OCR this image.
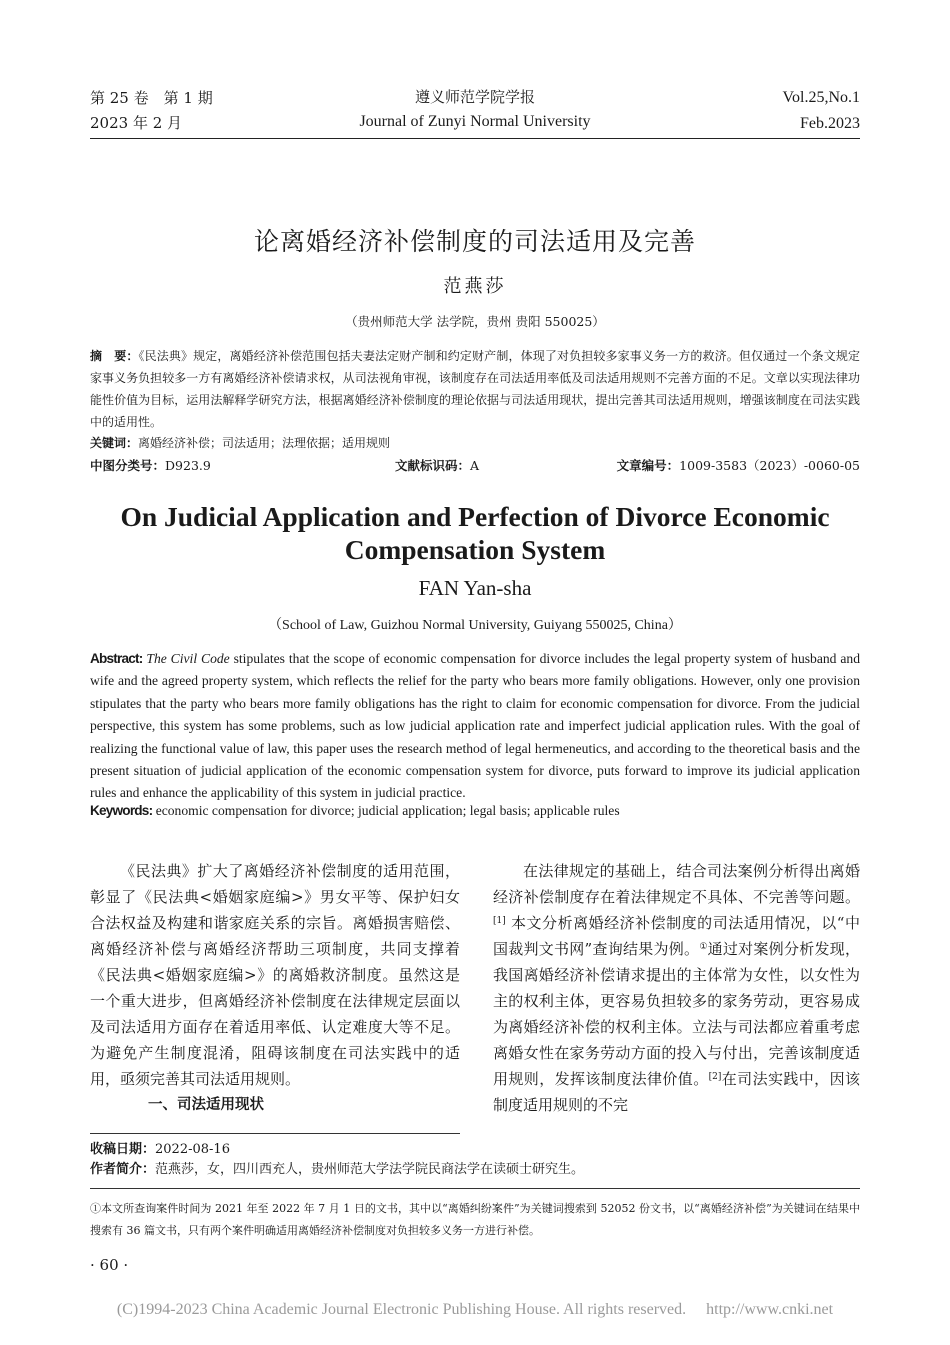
第 25 卷　第 1 期
2023 年 2 月
遵义师范学院学报
Journal of Zunyi Normal University
Vol.25,No.1
Feb.2023
论离婚经济补偿制度的司法适用及完善
范燕莎
（贵州师范大学 法学院，贵州 贵阳 550025）
摘　要：《民法典》规定，离婚经济补偿范围包括夫妻法定财产制和约定财产制，体现了对负担较多家事义务一方的救济。但仅通过一个条文规定家事义务负担较多一方有离婚经济补偿请求权，从司法视角审视，该制度存在司法适用率低及司法适用规则不完善方面的不足。文章以实现法律功能性价值为目标，运用法解释学研究方法，根据离婚经济补偿制度的理论依据与司法适用现状，提出完善其司法适用规则，增强该制度在司法实践中的适用性。
关键词：离婚经济补偿；司法适用；法理依据；适用规则
中图分类号：D923.9	文献标识码：A	文章编号：1009-3583（2023）-0060-05
On Judicial Application and Perfection of Divorce Economic Compensation System
FAN Yan-sha
（School of Law, Guizhou Normal University, Guiyang 550025, China）
Abstract: The Civil Code stipulates that the scope of economic compensation for divorce includes the legal property system of husband and wife and the agreed property system, which reflects the relief for the party who bears more family obligations. However, only one provision stipulates that the party who bears more family obligations has the right to claim for economic compensation for divorce. From the judicial perspective, this system has some problems, such as low judicial application rate and imperfect judicial application rules. With the goal of realizing the functional value of law, this paper uses the research method of legal hermeneutics, and according to the theoretical basis and the present situation of judicial application of the economic compensation system for divorce, puts forward to improve its judicial application rules and enhance the applicability of this system in judicial practice.
Keywords: economic compensation for divorce; judicial application; legal basis; applicable rules

《民法典》扩大了离婚经济补偿制度的适用范围，彰显了《民法典<婚姻家庭编>》男女平等、保护妇女合法权益及构建和谐家庭关系的宗旨。离婚损害赔偿、离婚经济补偿与离婚经济帮助三项制度，共同支撑着《民法典<婚姻家庭编>》的离婚救济制度。虽然这是一个重大进步，但离婚经济补偿制度在法律规定层面以及司法适用方面存在着适用率低、认定难度大等不足。为避免产生制度混淆，阻碍该制度在司法实践中的适用，亟须完善其司法适用规则。

一、司法适用现状

在法律规定的基础上，结合司法案例分析得出离婚经济补偿制度存在着法律规定不具体、不完善等问题。[1] 本文分析离婚经济补偿制度的司法适用情况，以“中国裁判文书网”查询结果为例。①通过对案例分析发现，我国离婚经济补偿请求提出的主体常为女性，以女性为主的权利主体，更容易负担较多的家务劳动，更容易成为离婚经济补偿的权利主体。立法与司法都应着重考虑离婚女性在家务劳动方面的投入与付出，完善该制度适用规则，发挥该制度法律价值。[2]在司法实践中，因该制度适用规则的不完

收稿日期：2022-08-16
作者简介：范燕莎，女，四川西充人，贵州师范大学法学院民商法学在读硕士研究生。
①本文所查询案件时间为 2021 年至 2022 年 7 月 1 日的文书，其中以“离婚纠纷案件”为关键词搜索到 52052 份文书，以“离婚经济补偿”为关键词在结果中搜索有 36 篇文书，只有两个案件明确适用离婚经济补偿制度对负担较多义务一方进行补偿。
· 60 ·
(C)1994-2023 China Academic Journal Electronic Publishing House. All rights reserved.　 http://www.cnki.net
